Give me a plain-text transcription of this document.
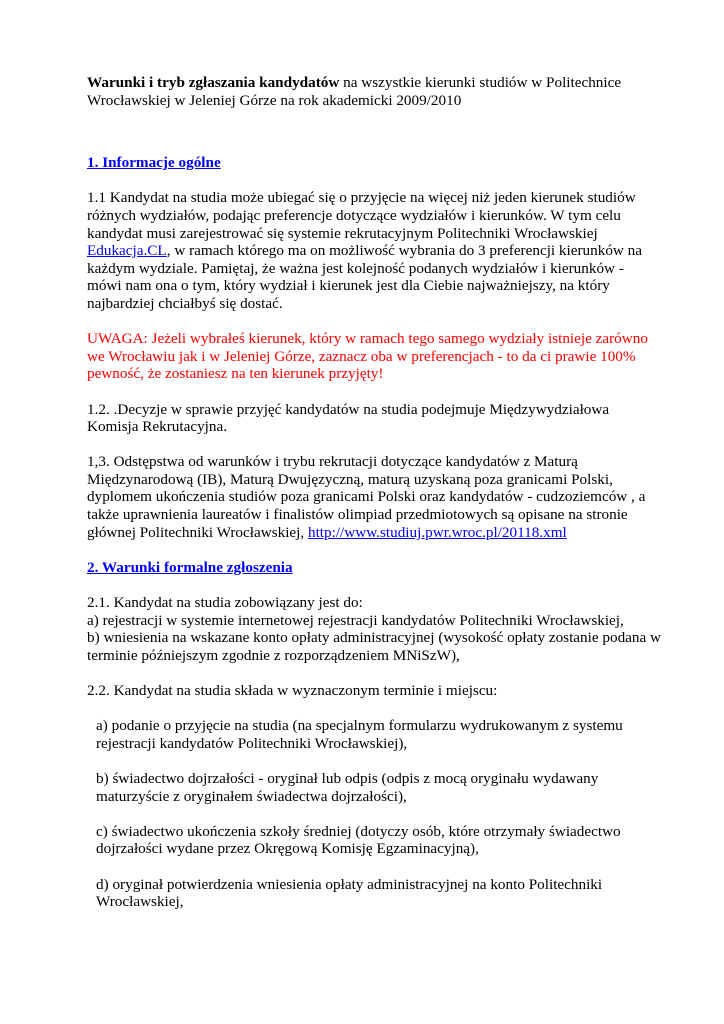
Warunki i tryb zgłaszania kandydatów na wszystkie kierunki studiów w Politechnice Wrocławskiej w Jeleniej Górze na rok akademicki 2009/2010

1. Informacje ogólne

1.1 Kandydat na studia może ubiegać się o przyjęcie na więcej niż jeden kierunek studiów różnych wydziałów, podając preferencje dotyczące wydziałów i kierunków. W tym celu kandydat musi zarejestrować się systemie rekrutacyjnym Politechniki Wrocławskiej Edukacja.CL, w ramach którego ma on możliwość wybrania do 3 preferencji kierunków na każdym wydziale. Pamiętaj, że ważna jest kolejność podanych wydziałów i kierunków - mówi nam ona o tym, który wydział i kierunek jest dla Ciebie najważniejszy, na który najbardziej chciałbyś się dostać.

UWAGA: Jeżeli wybrałeś kierunek, który w ramach tego samego wydziały istnieje zarówno we Wrocławiu jak i w Jeleniej Górze, zaznacz oba w preferencjach - to da ci prawie 100% pewność, że zostaniesz na ten kierunek przyjęty!

1.2. .Decyzje w sprawie przyjęć kandydatów na studia podejmuje Międzywydziałowa Komisja Rekrutacyjna.

1,3. Odstępstwa od warunków i trybu rekrutacji dotyczące kandydatów z Maturą Międzynarodową (IB), Maturą Dwujęzyczną, maturą uzyskaną poza granicami Polski, dyplomem ukończenia studiów poza granicami Polski oraz kandydatów - cudzoziemców , a także uprawnienia laureatów i finalistów olimpiad przedmiotowych są opisane na stronie głównej Politechniki Wrocławskiej, http://www.studiuj.pwr.wroc.pl/20118.xml

2. Warunki formalne zgłoszenia

2.1. Kandydat na studia zobowiązany jest do:

a) rejestracji w systemie internetowej rejestracji kandydatów Politechniki Wrocławskiej,

b) wniesienia na wskazane konto opłaty administracyjnej (wysokość opłaty zostanie podana w terminie późniejszym zgodnie z rozporządzeniem MNiSzW),

2.2. Kandydat na studia składa w wyznaczonym terminie i miejscu:

a) podanie o przyjęcie na studia (na specjalnym formularzu wydrukowanym z systemu rejestracji kandydatów Politechniki Wrocławskiej),

b) świadectwo dojrzałości - oryginał lub odpis (odpis z mocą oryginału wydawany maturzyście z oryginałem świadectwa dojrzałości),

c) świadectwo ukończenia szkoły średniej (dotyczy osób, które otrzymały świadectwo dojrzałości wydane przez Okręgową Komisję Egzaminacyjną),

d) oryginał potwierdzenia wniesienia opłaty administracyjnej na konto Politechniki Wrocławskiej,
